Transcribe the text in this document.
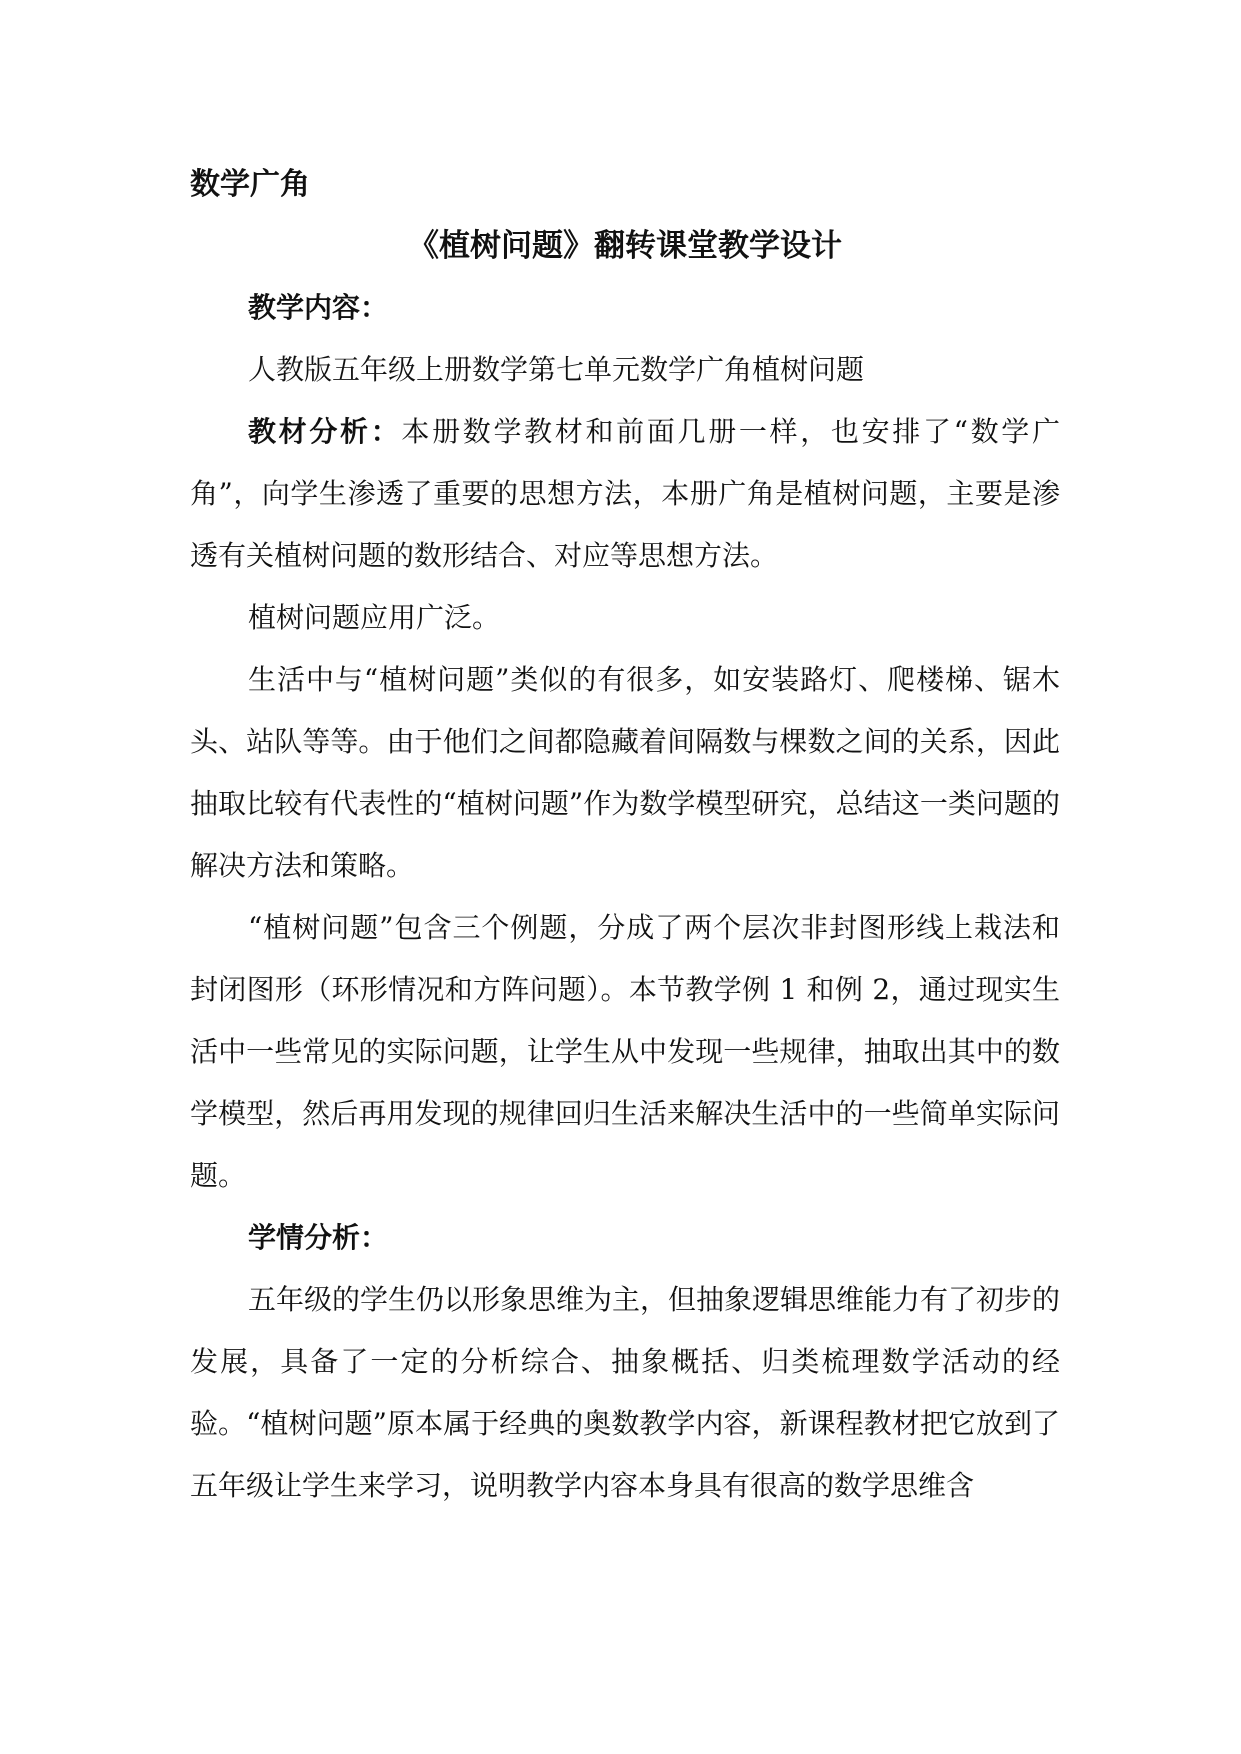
数学广角

《植树问题》翻转课堂教学设计

教学内容：

人教版五年级上册数学第七单元数学广角植树问题

教材分析：本册数学教材和前面几册一样，也安排了“数学广角”，向学生渗透了重要的思想方法，本册广角是植树问题，主要是渗透有关植树问题的数形结合、对应等思想方法。

植树问题应用广泛。

生活中与“植树问题”类似的有很多，如安装路灯、爬楼梯、锯木头、站队等等。由于他们之间都隐藏着间隔数与棵数之间的关系，因此抽取比较有代表性的“植树问题”作为数学模型研究，总结这一类问题的解决方法和策略。

“植树问题”包含三个例题，分成了两个层次非封图形线上栽法和封闭图形（环形情况和方阵问题）。本节教学例 1 和例 2，通过现实生活中一些常见的实际问题，让学生从中发现一些规律，抽取出其中的数学模型，然后再用发现的规律回归生活来解决生活中的一些简单实际问题。

学情分析：

五年级的学生仍以形象思维为主，但抽象逻辑思维能力有了初步的发展，具备了一定的分析综合、抽象概括、归类梳理数学活动的经验。“植树问题”原本属于经典的奥数教学内容，新课程教材把它放到了五年级让学生来学习，说明教学内容本身具有很高的数学思维含
